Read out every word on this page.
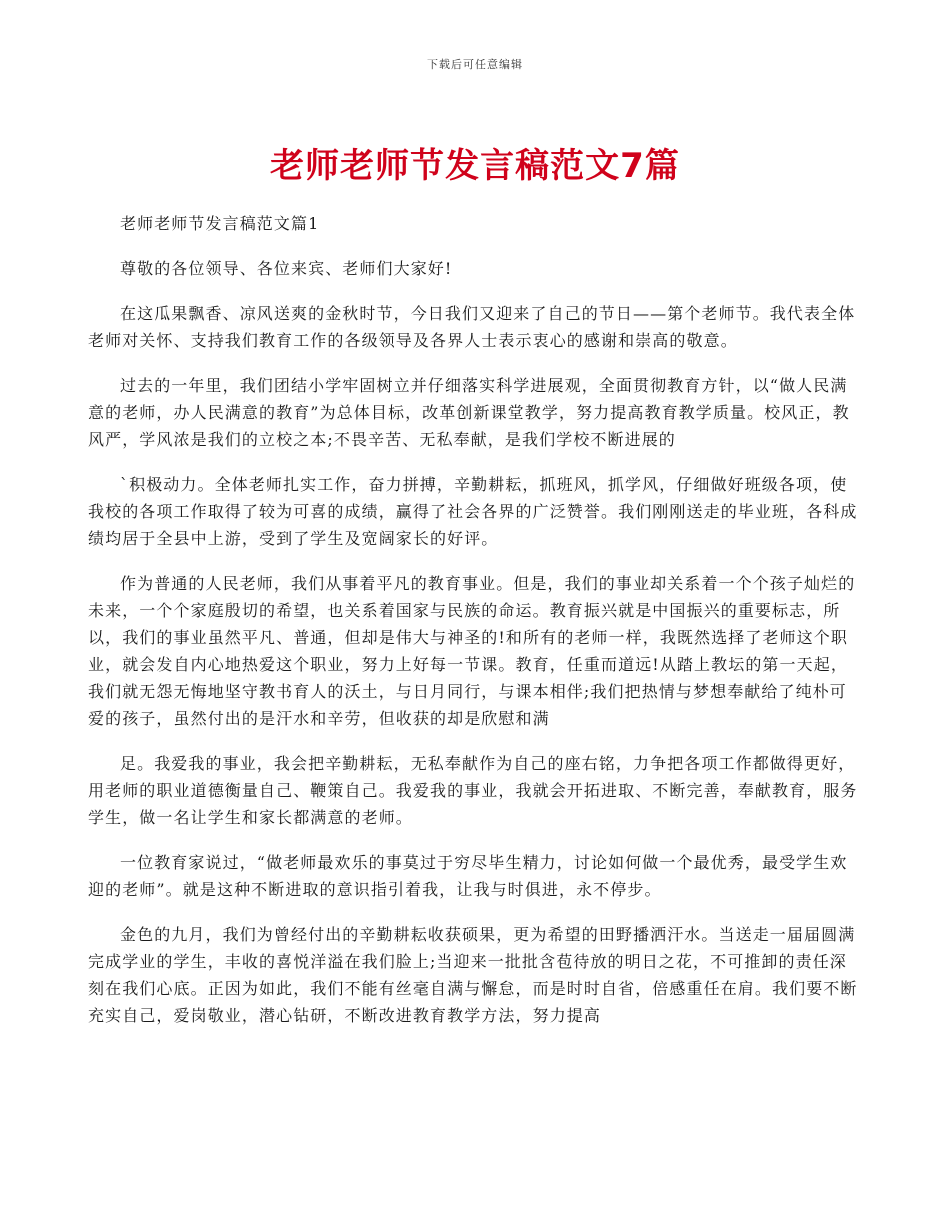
下载后可任意编辑
老师老师节发言稿范文7篇

老师老师节发言稿范文篇1

尊敬的各位领导、各位来宾、老师们大家好!

在这瓜果飘香、凉风送爽的金秋时节，今日我们又迎来了自己的节日——第个老师节。我代表全体老师对关怀、支持我们教育工作的各级领导及各界人士表示衷心的感谢和崇高的敬意。

过去的一年里，我们团结小学牢固树立并仔细落实科学进展观，全面贯彻教育方针，以“做人民满意的老师，办人民满意的教育”为总体目标，改革创新课堂教学，努力提高教育教学质量。校风正，教风严，学风浓是我们的立校之本;不畏辛苦、无私奉献，是我们学校不断进展的

`积极动力。全体老师扎实工作，奋力拼搏，辛勤耕耘，抓班风，抓学风，仔细做好班级各项，使我校的各项工作取得了较为可喜的成绩，赢得了社会各界的广泛赞誉。我们刚刚送走的毕业班，各科成绩均居于全县中上游，受到了学生及宽阔家长的好评。

作为普通的人民老师，我们从事着平凡的教育事业。但是，我们的事业却关系着一个个孩子灿烂的未来，一个个家庭殷切的希望，也关系着国家与民族的命运。教育振兴就是中国振兴的重要标志，所以，我们的事业虽然平凡、普通，但却是伟大与神圣的!和所有的老师一样，我既然选择了老师这个职业，就会发自内心地热爱这个职业，努力上好每一节课。教育，任重而道远!从踏上教坛的第一天起，我们就无怨无悔地坚守教书育人的沃土，与日月同行，与课本相伴;我们把热情与梦想奉献给了纯朴可爱的孩子，虽然付出的是汗水和辛劳，但收获的却是欣慰和满

足。我爱我的事业，我会把辛勤耕耘，无私奉献作为自己的座右铭，力争把各项工作都做得更好，用老师的职业道德衡量自己、鞭策自己。我爱我的事业，我就会开拓进取、不断完善，奉献教育，服务学生，做一名让学生和家长都满意的老师。

一位教育家说过，“做老师最欢乐的事莫过于穷尽毕生精力，讨论如何做一个最优秀，最受学生欢迎的老师”。就是这种不断进取的意识指引着我，让我与时俱进，永不停步。

金色的九月，我们为曾经付出的辛勤耕耘收获硕果，更为希望的田野播洒汗水。当送走一届届圆满完成学业的学生，丰收的喜悦洋溢在我们脸上;当迎来一批批含苞待放的明日之花，不可推卸的责任深刻在我们心底。正因为如此，我们不能有丝毫自满与懈怠，而是时时自省，倍感重任在肩。我们要不断充实自己，爱岗敬业，潜心钻研，不断改进教育教学方法，努力提高
